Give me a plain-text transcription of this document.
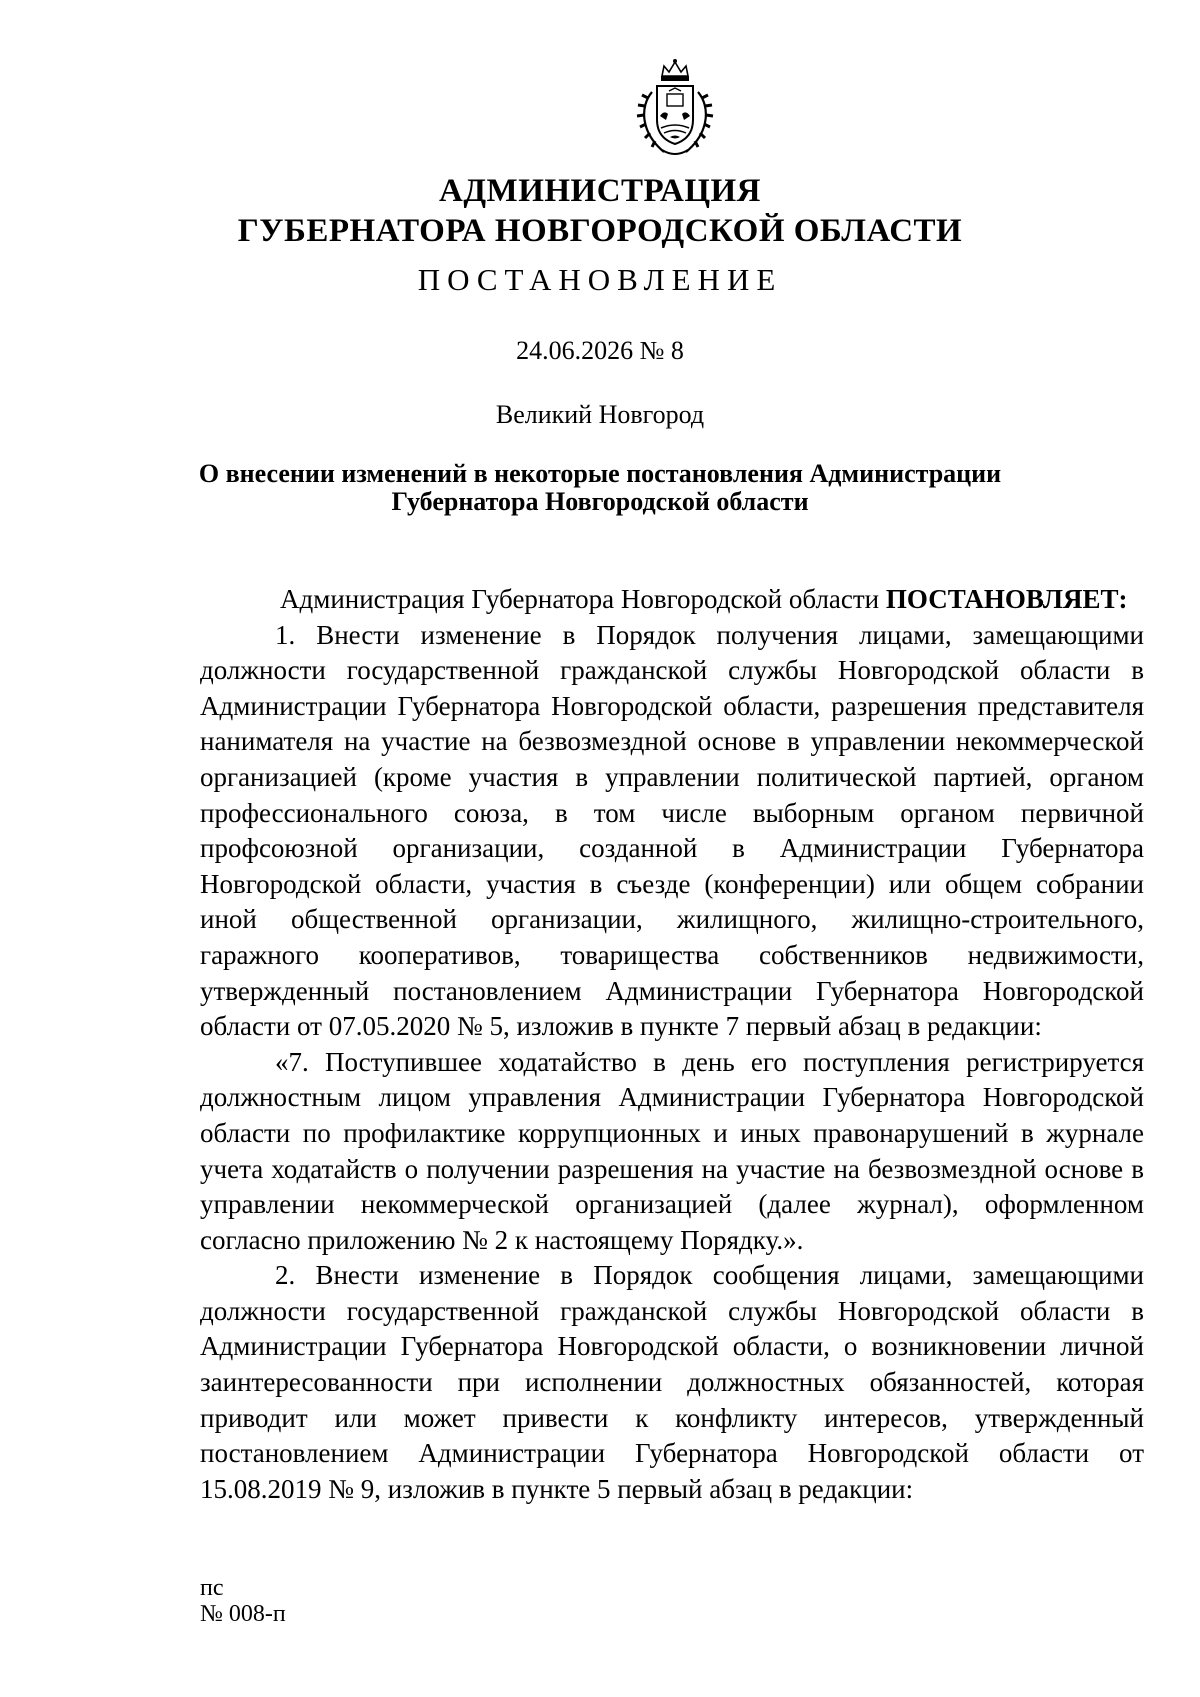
АДМИНИСТРАЦИЯ
ГУБЕРНАТОРА НОВГОРОДСКОЙ ОБЛАСТИ
ПОСТАНОВЛЕНИЕ
24.06.2026 № 8
Великий Новгород
О внесении изменений в некоторые постановления Администрации
Губернатора Новгородской области

Администрация Губернатора Новгородской области ПОСТАНОВЛЯЕТ:

1. Внести изменение в Порядок получения лицами, замещающими должности государственной гражданской службы Новгородской области в Администрации Губернатора Новгородской области, разрешения представителя нанимателя на участие на безвозмездной основе в управлении некоммерческой организацией (кроме участия в управлении политической партией, органом профессионального союза, в том числе выборным органом первичной профсоюзной организации, созданной в Администрации Губернатора Новгородской области, участия в съезде (конференции) или общем собрании иной общественной организации, жилищного, жилищно-строительного, гаражного кооперативов, товарищества собственников недвижимости, утвержденный постановлением Администрации Губернатора Новгородской области от 07.05.2020 № 5, изложив в пункте 7 первый абзац в редакции:

«7. Поступившее ходатайство в день его поступления регистрируется должностным лицом управления Администрации Губернатора Новгородской области по профилактике коррупционных и иных правонарушений в журнале учета ходатайств о получении разрешения на участие на безвозмездной основе в управлении некоммерческой организацией (далее журнал), оформленном согласно приложению № 2 к настоящему Порядку.».

2. Внести изменение в Порядок сообщения лицами, замещающими должности государственной гражданской службы Новгородской области в Администрации Губернатора Новгородской области, о возникновении личной заинтересованности при исполнении должностных обязанностей, которая приводит или может привести к конфликту интересов, утвержденный постановлением Администрации Губернатора Новгородской области от 15.08.2019 № 9, изложив в пункте 5 первый абзац в редакции:

пс
№ 008-п
